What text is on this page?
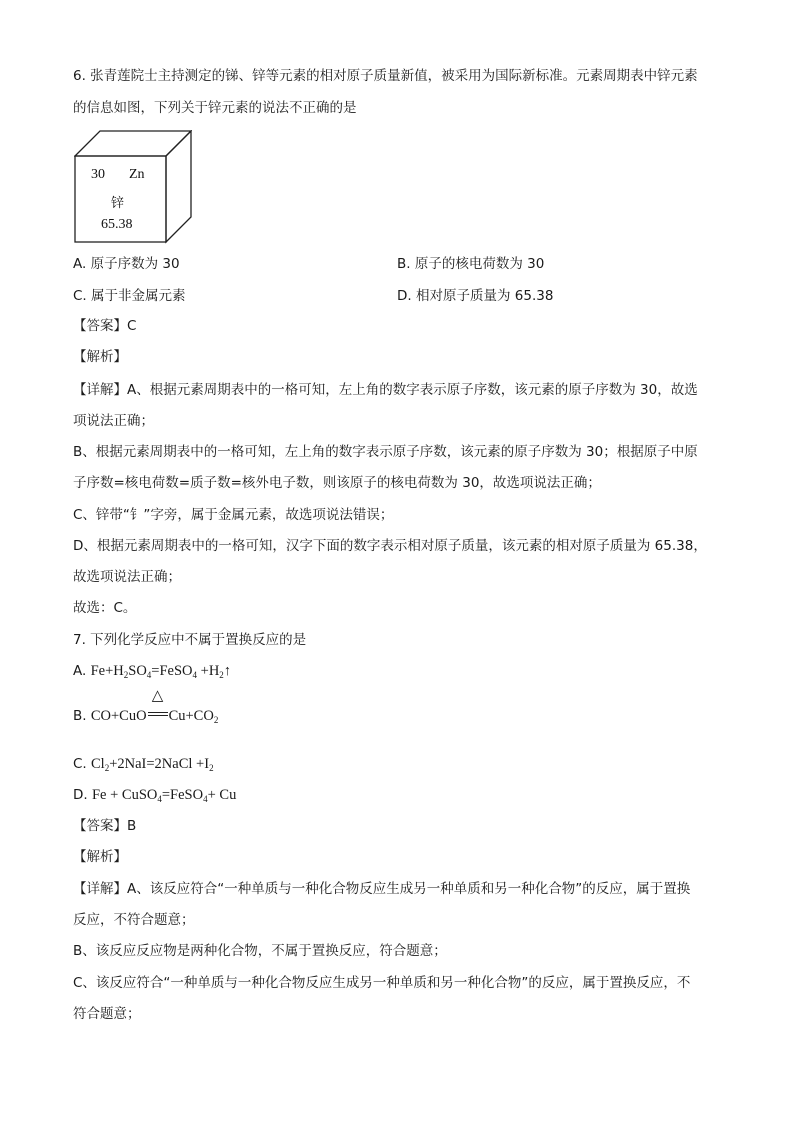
6. 张青莲院士主持测定的锑、锌等元素的相对原子质量新值，被采用为国际新标准。元素周期表中锌元素
的信息如图，下列关于锌元素的说法不正确的是
30 Zn
锌
65.38
A. 原子序数为 30	B. 原子的核电荷数为 30
C. 属于非金属元素	D. 相对原子质量为 65.38
【答案】C
【解析】
【详解】A、根据元素周期表中的一格可知，左上角的数字表示原子序数，该元素的原子序数为 30，故选
项说法正确；
B、根据元素周期表中的一格可知，左上角的数字表示原子序数，该元素的原子序数为 30；根据原子中原
子序数=核电荷数=质子数=核外电子数，则该原子的核电荷数为 30，故选项说法正确；
C、锌带“钅”字旁，属于金属元素，故选项说法错误；
D、根据元素周期表中的一格可知，汉字下面的数字表示相对原子质量，该元素的相对原子质量为 65.38，
故选项说法正确；
故选：C。
7. 下列化学反应中不属于置换反应的是
A. $Fe+H_2SO_4=FeSO_4$ $+H_2↑$
B. CO+CuO
△
$Cu+CO_2$
C. $Cl_2+2NaI=2NaCl +I_2$
D. Fe + CuSO$_4$=FeSO$_4$+ Cu
【答案】B
【解析】
【详解】A、该反应符合“一种单质与一种化合物反应生成另一种单质和另一种化合物”的反应，属于置换
反应，不符合题意；
B、该反应反应物是两种化合物，不属于置换反应，符合题意；
C、该反应符合“一种单质与一种化合物反应生成另一种单质和另一种化合物”的反应，属于置换反应，不
符合题意；
